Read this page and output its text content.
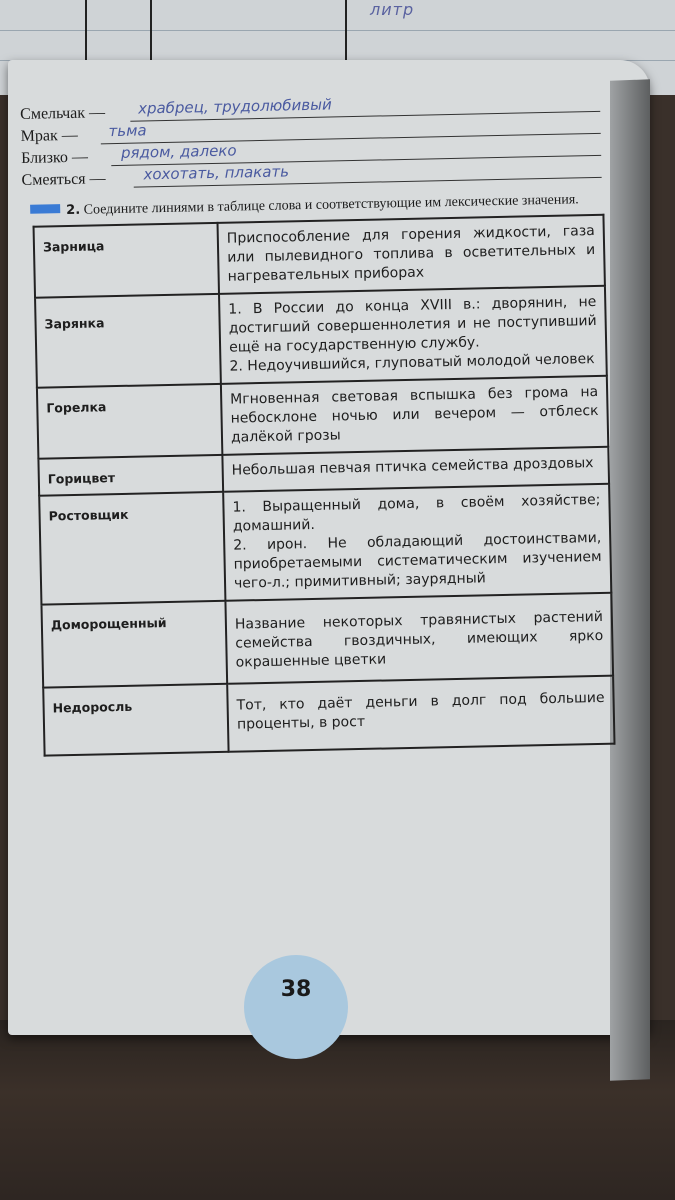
литр
Смельчак — храбрец, трудолюбивый
Мрак — тьма
Близко — рядом, далеко
Смеяться —	хохотать, плакать
2. Соедините линиями в таблице слова и соответствующие им лексические значения.
Зарница	Приспособление для горения жидкости, газа или пылевидного топлива в осветительных и нагревательных приборах

Зарянка	1. В России до конца XVIII в.: дворянин, не достигший совершеннолетия и не поступивший ещё на государственную службу.
2. Недоучившийся, глуповатый молодой человек

Горелка	Мгновенная световая вспышка без грома на небосклоне ночью или вечером — отблеск далёкой грозы

Горицвет	Небольшая певчая птичка семейства дроздовых

Ростовщик	1. Выращенный дома, в своём хозяйстве; домашний.
2. ирон. Не обладающий достоинствами, приобретаемыми систематическим изучением чего-л.; примитивный; заурядный

Доморощенный	Название некоторых травянистых растений семейства гвоздичных, имеющих ярко окрашенные цветки

Недоросль	Тот, кто даёт деньги в долг под большие проценты, в рост
38
